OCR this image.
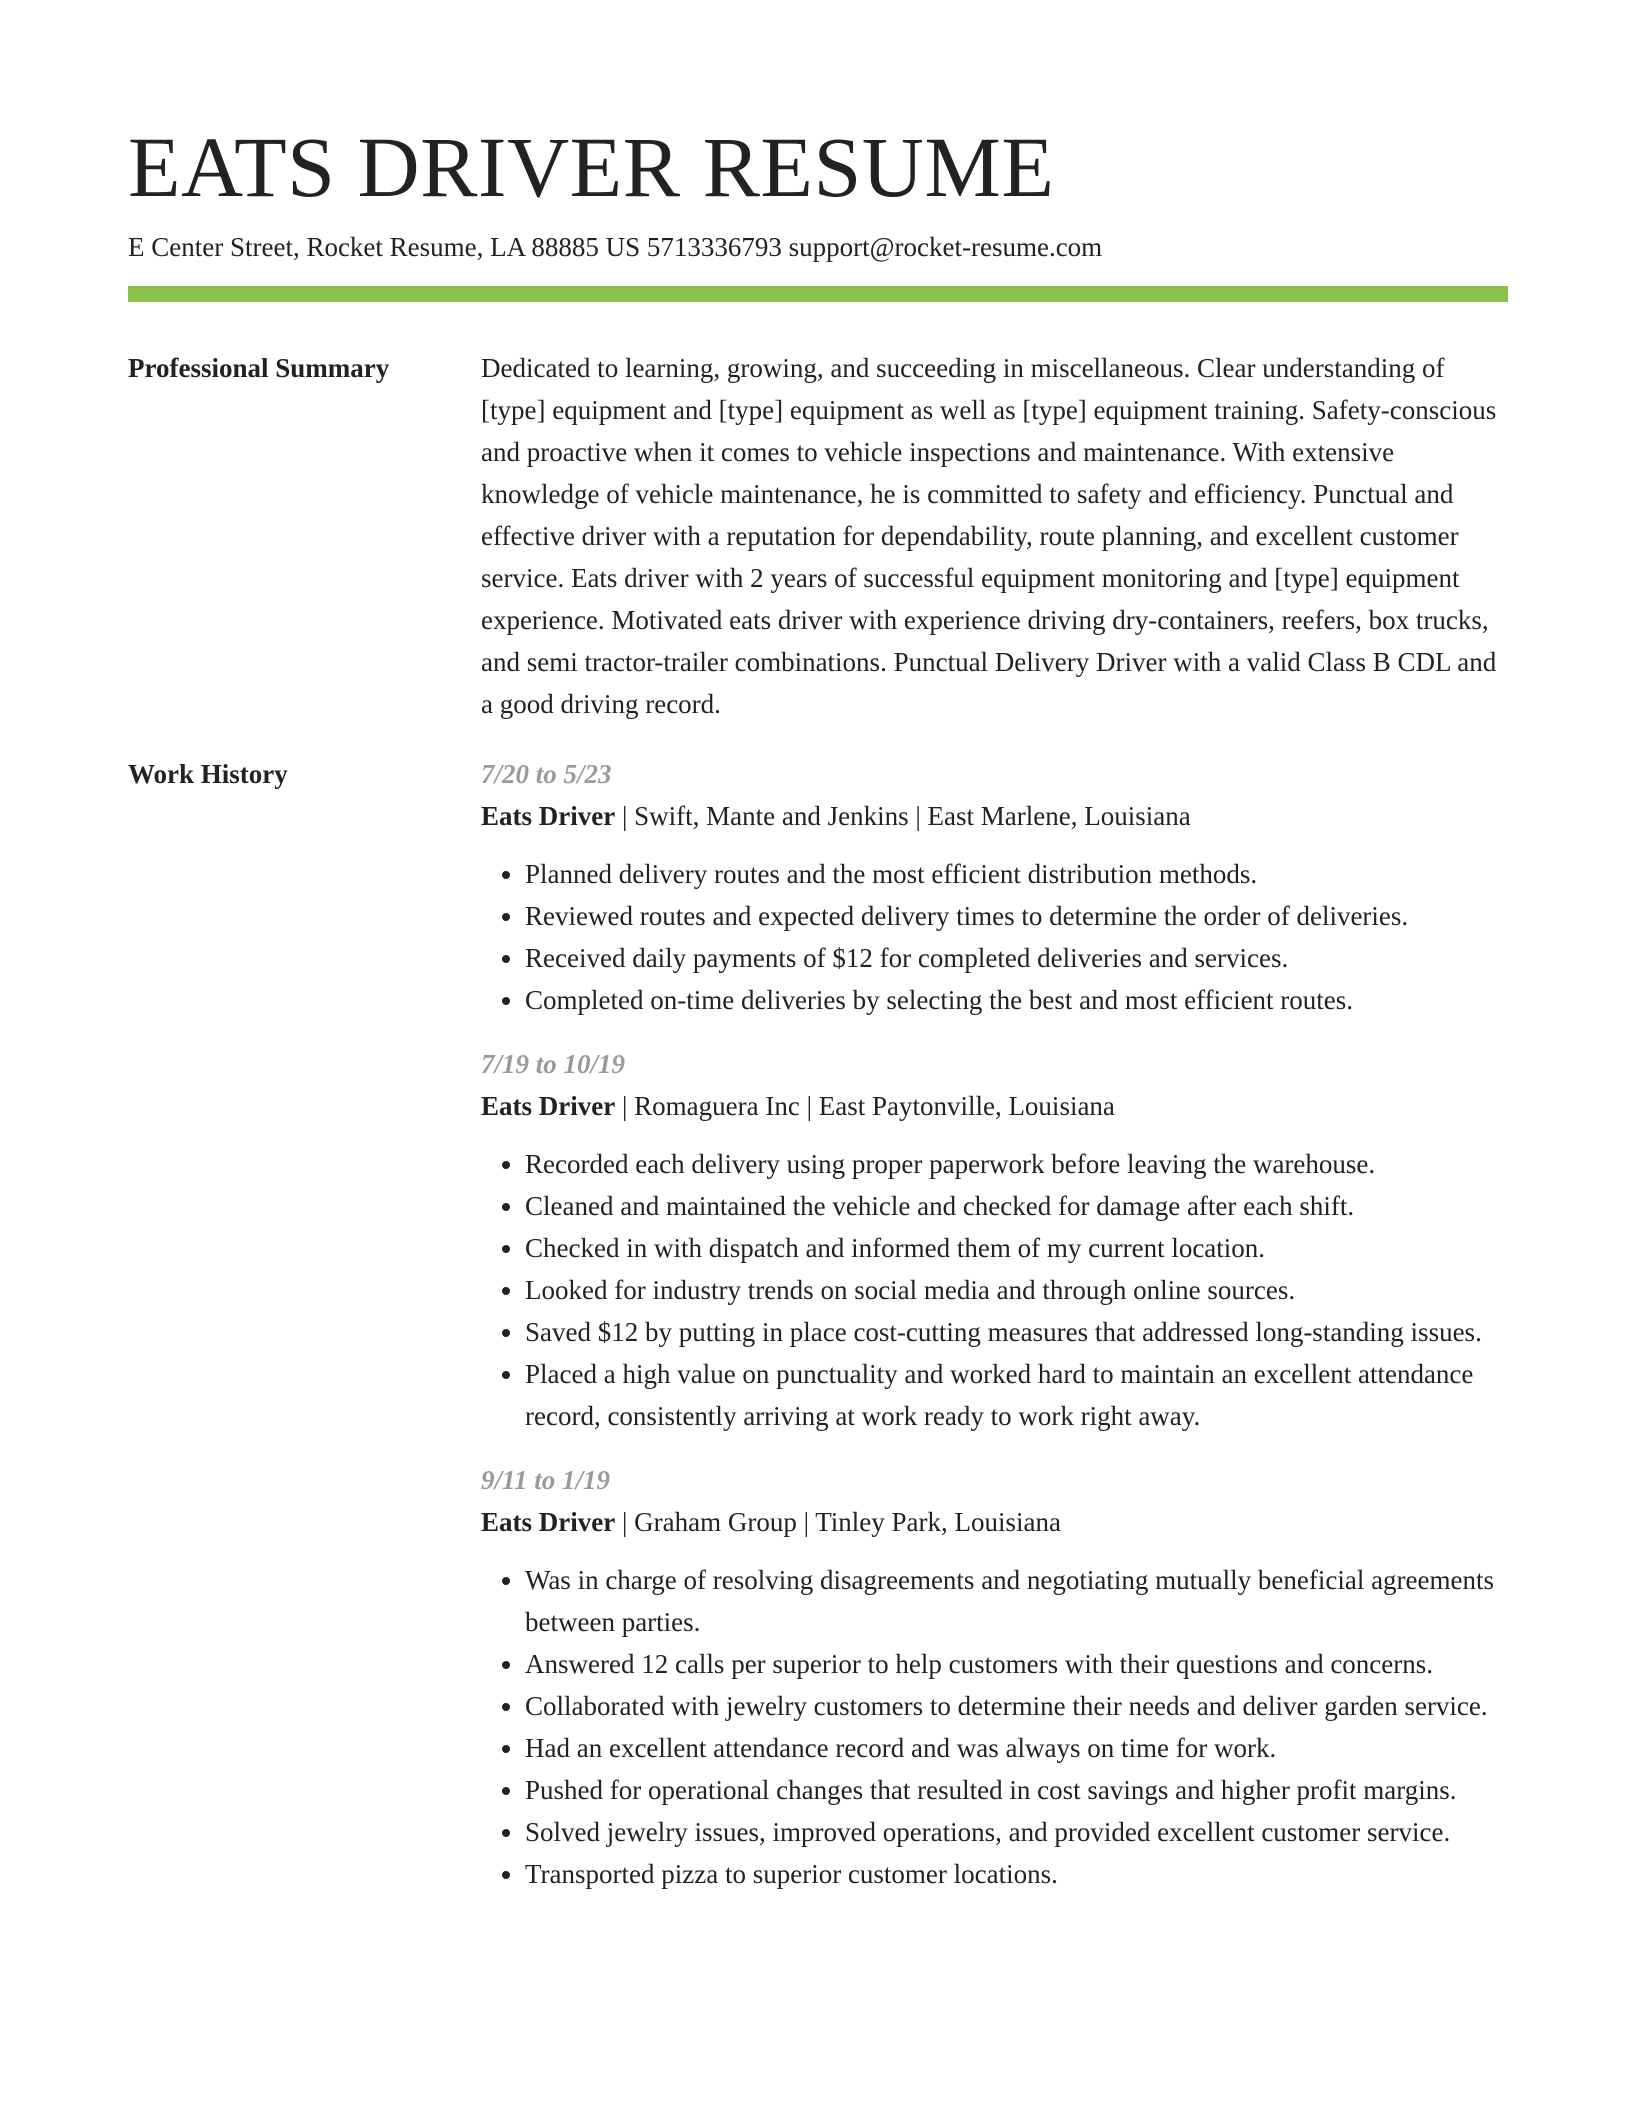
EATS DRIVER RESUME
E Center Street, Rocket Resume, LA 88885 US 5713336793 support@rocket-resume.com
Professional Summary	Dedicated to learning, growing, and succeeding in miscellaneous. Clear understanding of [type] equipment and [type] equipment as well as [type] equipment training. Safety-conscious and proactive when it comes to vehicle inspections and maintenance. With extensive knowledge of vehicle maintenance, he is committed to safety and efficiency. Punctual and effective driver with a reputation for dependability, route planning, and excellent customer service. Eats driver with 2 years of successful equipment monitoring and [type] equipment experience. Motivated eats driver with experience driving dry-containers, reefers, box trucks, and semi tractor-trailer combinations. Punctual Delivery Driver with a valid Class B CDL and a good driving record.

Work History	7/20 to 5/23
Eats Driver | Swift, Mante and Jenkins | East Marlene, Louisiana
• Planned delivery routes and the most efficient distribution methods.
• Reviewed routes and expected delivery times to determine the order of deliveries.
• Received daily payments of $12 for completed deliveries and services.
• Completed on-time deliveries by selecting the best and most efficient routes.
7/19 to 10/19
Eats Driver | Romaguera Inc | East Paytonville, Louisiana
• Recorded each delivery using proper paperwork before leaving the warehouse.
• Cleaned and maintained the vehicle and checked for damage after each shift.
• Checked in with dispatch and informed them of my current location.
• Looked for industry trends on social media and through online sources.
• Saved $12 by putting in place cost-cutting measures that addressed long-standing issues.
• Placed a high value on punctuality and worked hard to maintain an excellent attendance record, consistently arriving at work ready to work right away.
9/11 to 1/19
Eats Driver | Graham Group | Tinley Park, Louisiana
• Was in charge of resolving disagreements and negotiating mutually beneficial agreements between parties.
• Answered 12 calls per superior to help customers with their questions and concerns.
• Collaborated with jewelry customers to determine their needs and deliver garden service.
• Had an excellent attendance record and was always on time for work.
• Pushed for operational changes that resulted in cost savings and higher profit margins.
• Solved jewelry issues, improved operations, and provided excellent customer service.
• Transported pizza to superior customer locations.
